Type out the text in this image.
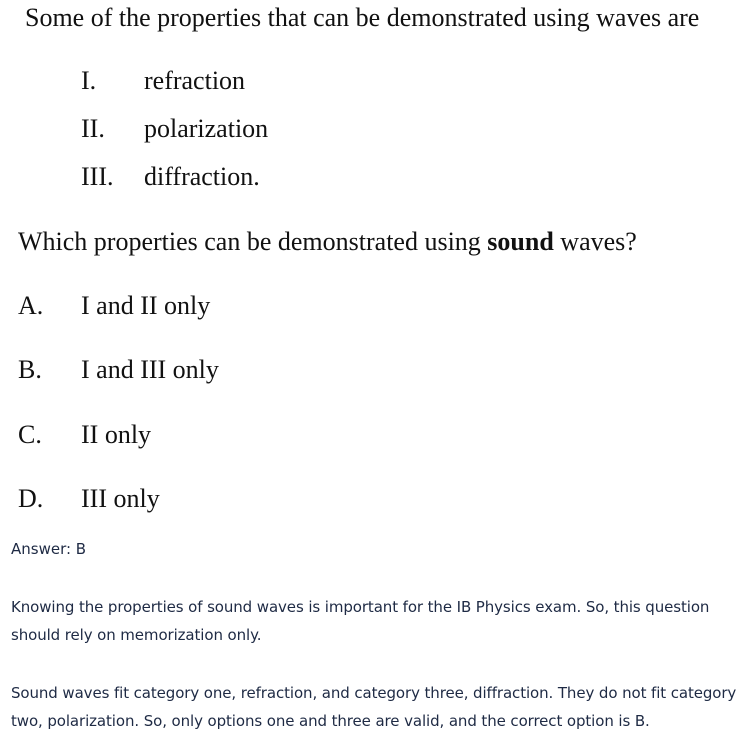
Some of the properties that can be demonstrated using waves are
I. refraction
II. polarization
III. diffraction.
Which properties can be demonstrated using sound waves?
A. I and II only
B. I and III only
C. II only
D. III only
Answer: B
Knowing the properties of sound waves is important for the IB Physics exam. So, this question should rely on memorization only.
Sound waves fit category one, refraction, and category three, diffraction. They do not fit category two, polarization. So, only options one and three are valid, and the correct option is B.
